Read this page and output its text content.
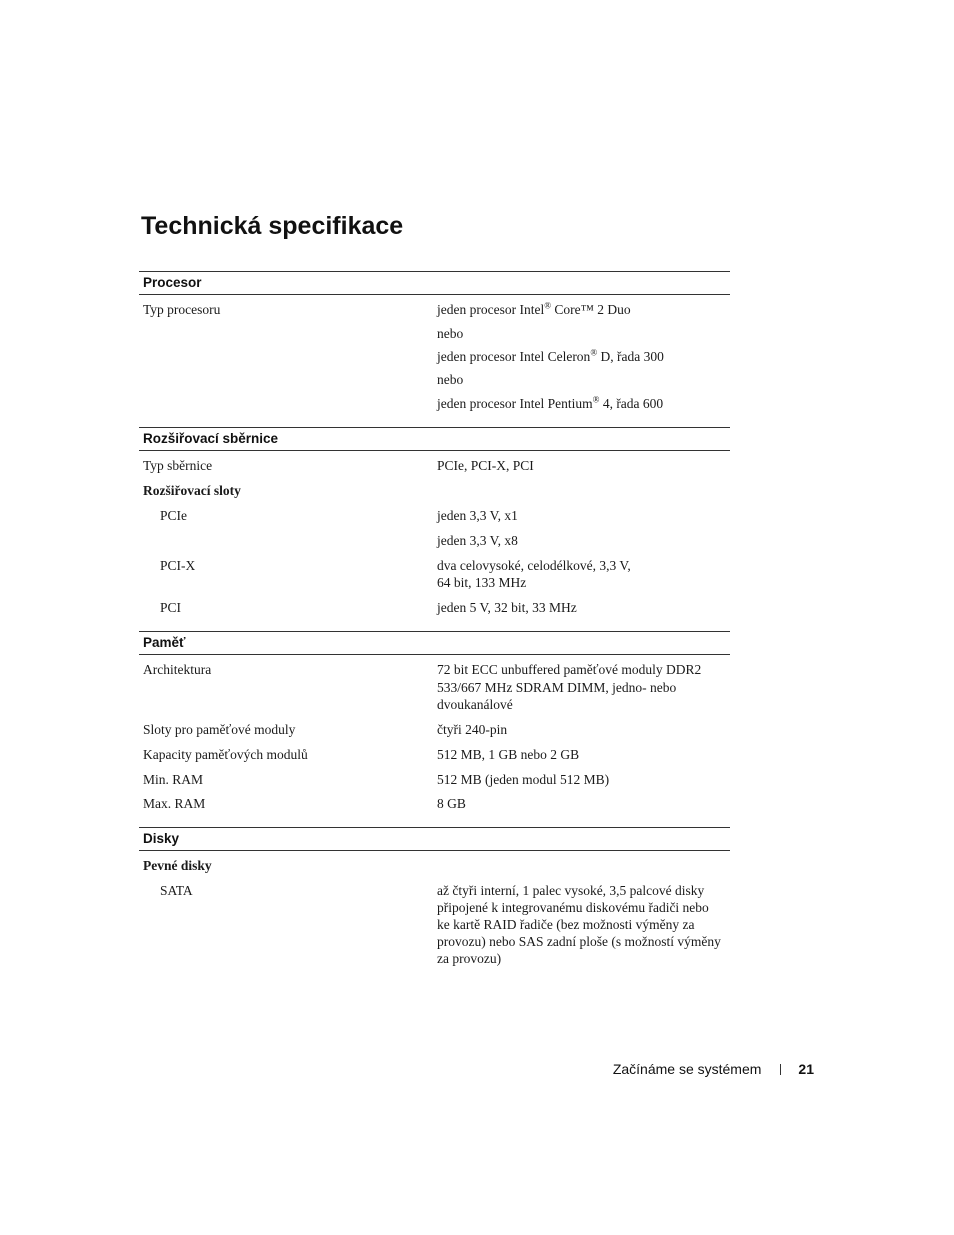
Technická specifikace
Procesor
Typ procesoru	jeden procesor Intel® Core™ 2 Duo
nebo
jeden procesor Intel Celeron® D, řada 300
nebo
jeden procesor Intel Pentium® 4, řada 600
Rozšiřovací sběrnice
Typ sběrnice	PCIe, PCI-X, PCI
Rozšiřovací sloty
PCIe	jeden 3,3 V, x1
jeden 3,3 V, x8
PCI-X	dva celovysoké, celodélkové, 3,3 V,
64 bit, 133 MHz
PCI	jeden 5 V, 32 bit, 33 MHz
Paměť
Architektura	72 bit ECC unbuffered paměťové moduly DDR2
533/667 MHz SDRAM DIMM, jedno- nebo
dvoukanálové
Sloty pro paměťové moduly	čtyři 240-pin
Kapacity paměťových modulů	512 MB, 1 GB nebo 2 GB
Min. RAM	512 MB (jeden modul 512 MB)
Max. RAM	8 GB
Disky
Pevné disky
SATA	až čtyři interní, 1 palec vysoké, 3,5 palcové disky
připojené k integrovanému diskovému řadiči nebo
ke kartě RAID řadiče (bez možnosti výměny za
provozu) nebo SAS zadní ploše (s možností výměny
za provozu)
Začínáme se systémem	21
